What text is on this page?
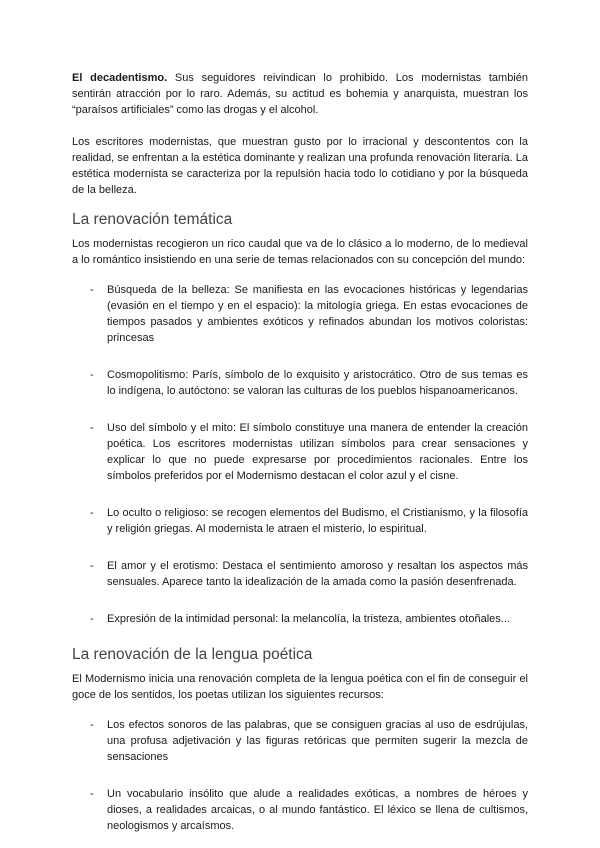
El decadentismo. Sus seguidores reivindican lo prohibido. Los modernistas también sentirán atracción por lo raro. Además, su actitud es bohemia y anarquista, muestran los “paraísos artificiales” como las drogas y el alcohol.

Los escritores modernistas, que muestran gusto por lo irracional y descontentos con la realidad, se enfrentan a la estética dominante y realizan una profunda renovación literaria. La estética modernista se caracteriza por la repulsión hacia todo lo cotidiano y por la búsqueda de la belleza.

La renovación temática

Los modernistas recogieron un rico caudal que va de lo clásico a lo moderno, de lo medieval a lo romántico insistiendo en una serie de temas relacionados con su concepción del mundo:

- Búsqueda de la belleza: Se manifiesta en las evocaciones históricas y legendarias (evasión en el tiempo y en el espacio): la mitología griega. En estas evocaciones de tiempos pasados y ambientes exóticos y refinados abundan los motivos coloristas: princesas
- Cosmopolitismo: París, símbolo de lo exquisito y aristocrático. Otro de sus temas es lo indígena, lo autóctono: se valoran las culturas de los pueblos hispanoamericanos.
- Uso del símbolo y el mito: El símbolo constituye una manera de entender la creación poética. Los escritores modernistas utilizan símbolos para crear sensaciones y explicar lo que no puede expresarse por procedimientos racionales. Entre los símbolos preferidos por el Modernismo destacan el color azul y el cisne.
- Lo oculto o religioso: se recogen elementos del Budismo, el Cristianismo, y la filosofía y religión griegas. Al modernista le atraen el misterio, lo espiritual.
- El amor y el erotismo: Destaca el sentimiento amoroso y resaltan los aspectos más sensuales. Aparece tanto la idealización de la amada como la pasión desenfrenada.
- Expresión de la intimidad personal: la melancolía, la tristeza, ambientes otoñales...
La renovación de la lengua poética

El Modernismo inicia una renovación completa de la lengua poética con el fin de conseguir el goce de los sentidos, los poetas utilizan los siguientes recursos:

- Los efectos sonoros de las palabras, que se consiguen gracias al uso de esdrújulas, una profusa adjetivación y las figuras retóricas que permiten sugerir la mezcla de sensaciones
- Un vocabulario insólito que alude a realidades exóticas, a nombres de héroes y dioses, a realidades arcaicas, o al mundo fantástico. El léxico se llena de cultismos, neologismos y arcaísmos.
